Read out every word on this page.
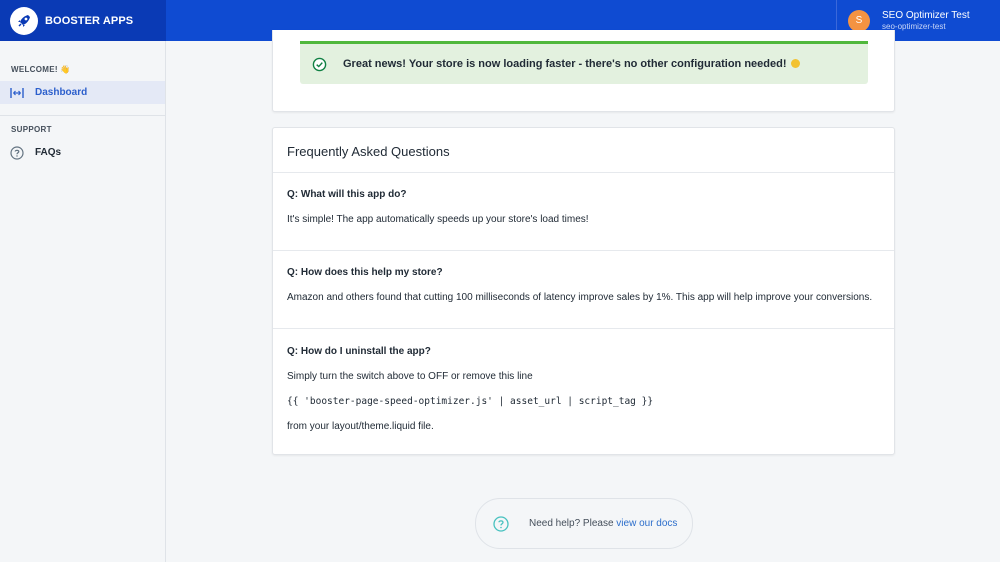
BOOSTER APPS	S	SEO Optimizer Test
seo-optimizer-test
WELCOME! 👋
Dashboard
SUPPORT
FAQs
Great news! Your store is now loading faster - there's no other configuration needed!
Frequently Asked Questions
Q: What will this app do?
It's simple! The app automatically speeds up your store's load times!
Q: How does this help my store?
Amazon and others found that cutting 100 milliseconds of latency improve sales by 1%. This app will help improve your conversions.
Q: How do I uninstall the app?
Simply turn the switch above to OFF or remove this line
{{ 'booster-page-speed-optimizer.js' | asset_url | script_tag }}
from your layout/theme.liquid file.
Need help? Please view our docs
